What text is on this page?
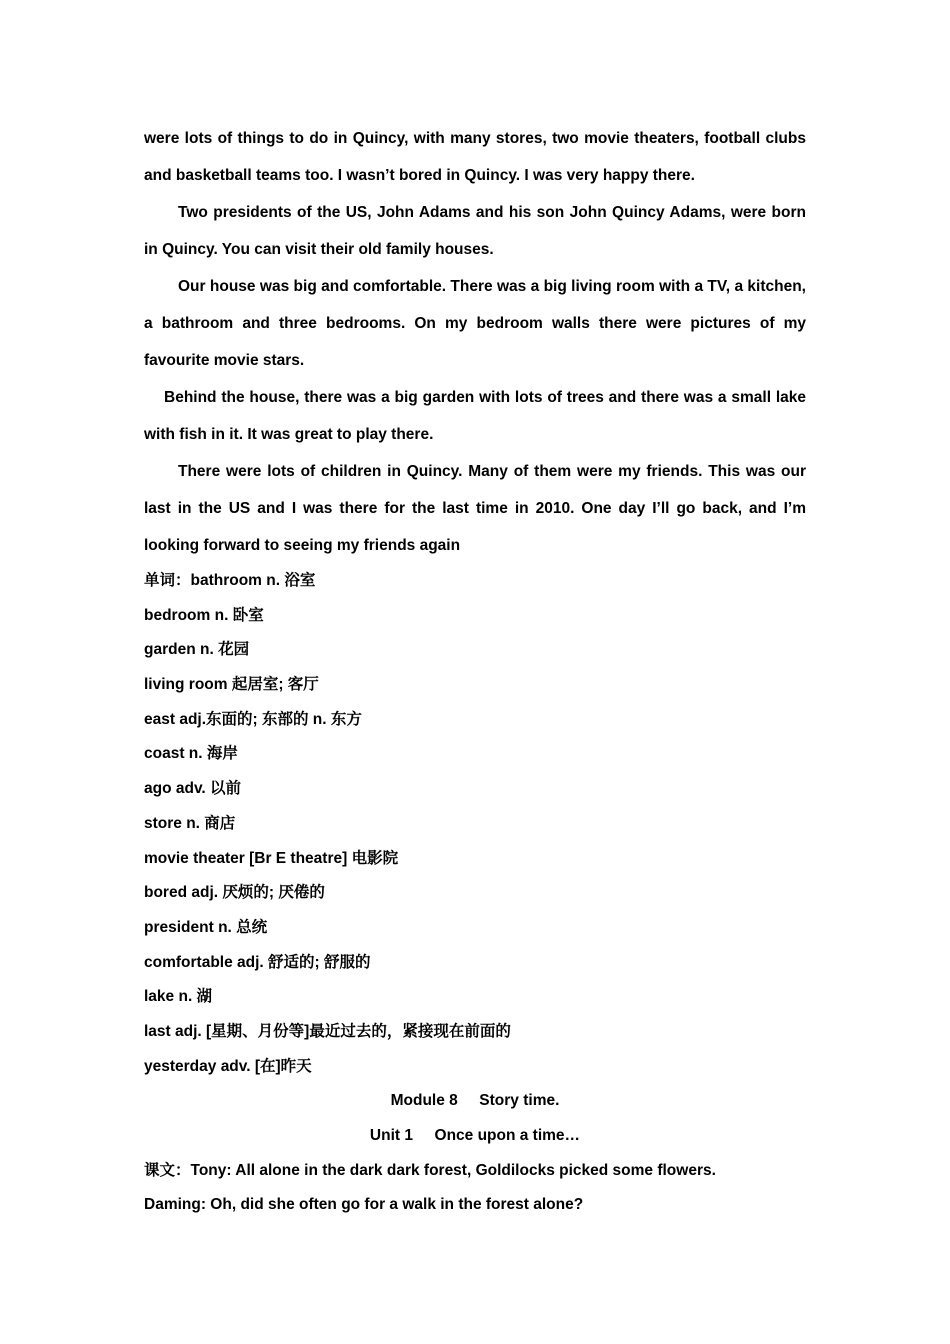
were lots of things to do in Quincy, with many stores, two movie theaters, football clubs and basketball teams too. I wasn’t bored in Quincy. I was very happy there.

Two presidents of the US, John Adams and his son John Quincy Adams, were born in Quincy. You can visit their old family houses.

Our house was big and comfortable. There was a big living room with a TV, a kitchen, a bathroom and three bedrooms. On my bedroom walls there were pictures of my favourite movie stars.

Behind the house, there was a big garden with lots of trees and there was a small lake with fish in it. It was great to play there.

There were lots of children in Quincy. Many of them were my friends. This was our last in the US and I was there for the last time in 2010. One day I’ll go back, and I’m looking forward to seeing my friends again

单词：bathroom n. 浴室

bedroom n. 卧室

garden n. 花园

living room 起居室; 客厅

east adj.东面的; 东部的 n. 东方

coast n. 海岸

ago adv. 以前

store n. 商店

movie theater [Br E theatre] 电影院

bored adj. 厌烦的; 厌倦的

president n. 总统

comfortable adj. 舒适的; 舒服的

lake n. 湖

last adj. [星期、月份等]最近过去的，紧接现在前面的

yesterday adv. [在]昨天

Module 8     Story time.

Unit 1     Once upon a time…

课文：Tony: All alone in the dark dark forest, Goldilocks picked some flowers.

Daming: Oh, did she often go for a walk in the forest alone?
